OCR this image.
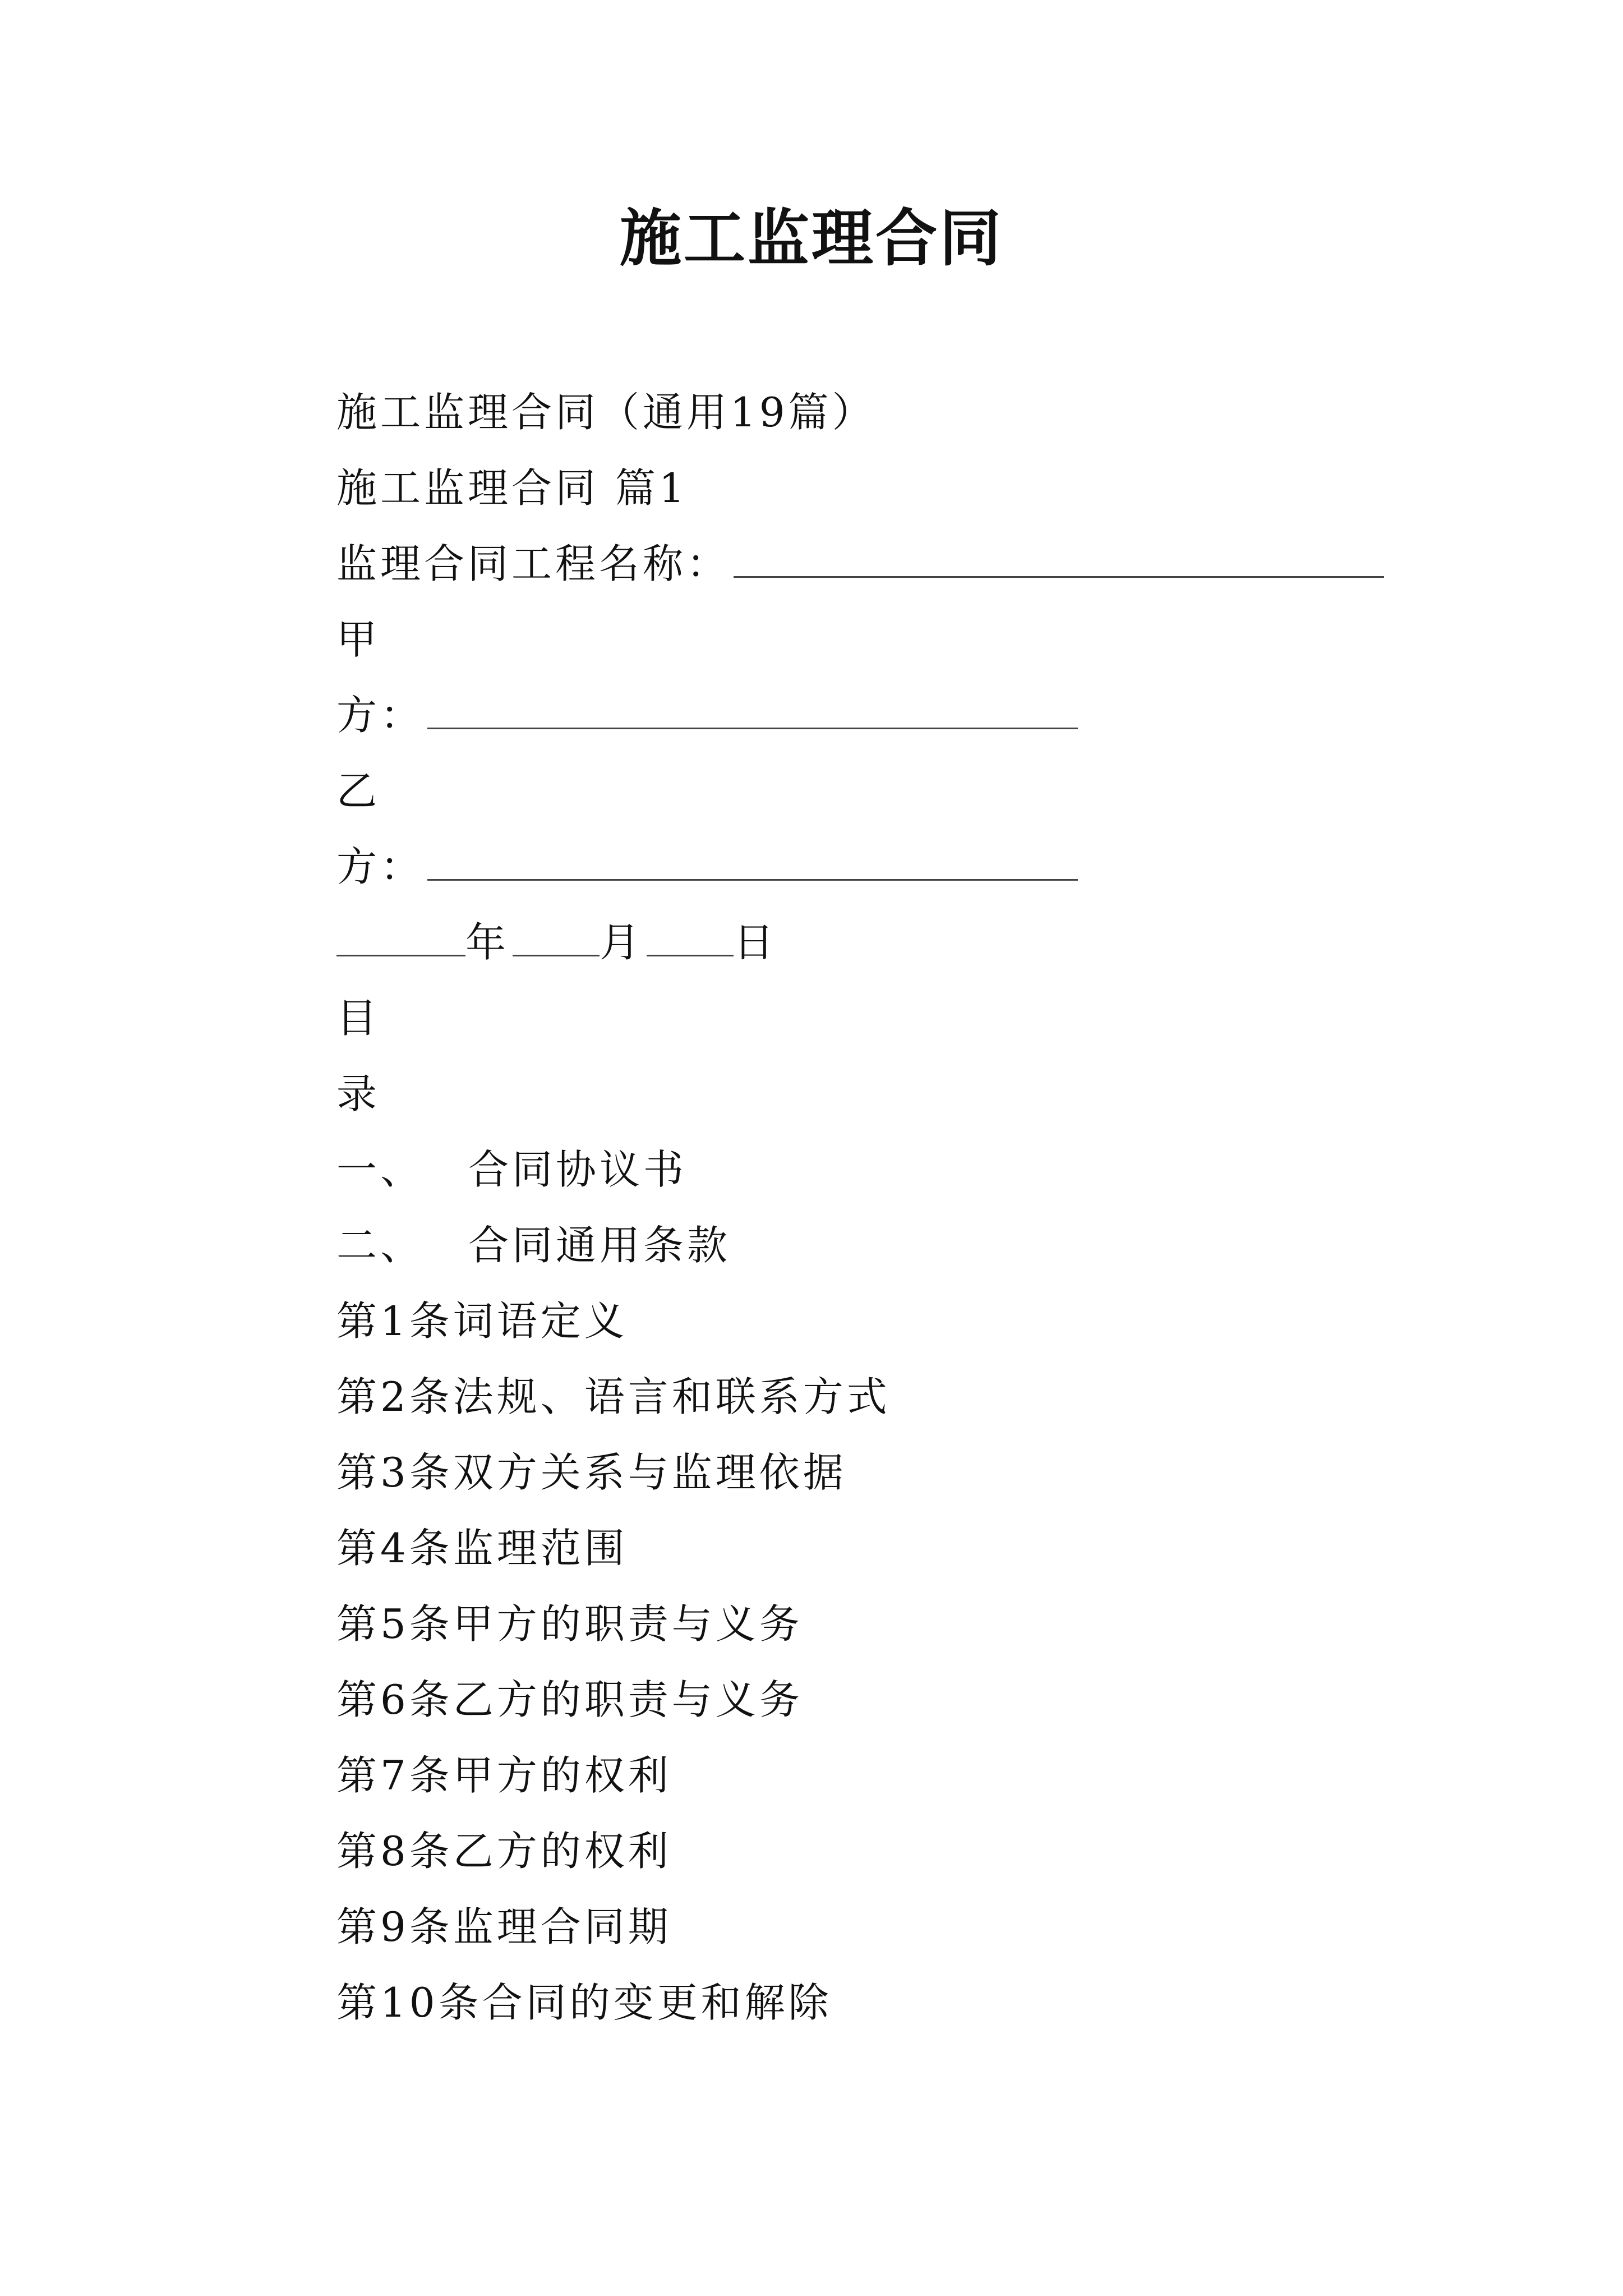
施工监理合同
施工监理合同（通用19篇）
施工监理合同 篇1
监理合同工程名称：
甲
方：
乙
方：
年 月 日
目
录
一、 合同协议书
二、 合同通用条款
第1条词语定义
第2条法规、语言和联系方式
第3条双方关系与监理依据
第4条监理范围
第5条甲方的职责与义务
第6条乙方的职责与义务
第7条甲方的权利
第8条乙方的权利
第9条监理合同期
第10条合同的变更和解除
